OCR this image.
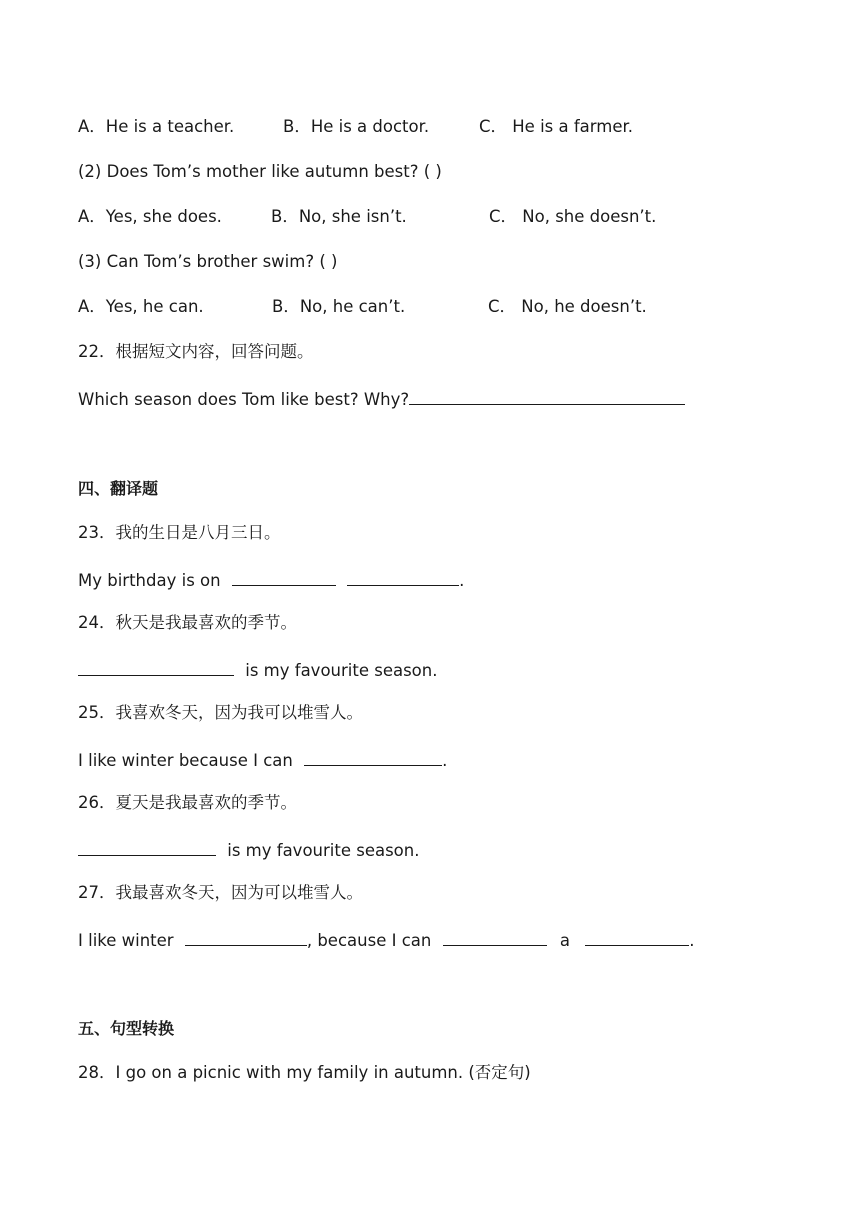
A．He is a teacher.	B．He is a doctor.	C． He is a farmer.
(2) Does Tom’s mother like autumn best? ( )
A．Yes, she does.	B．No, she isn’t.	C． No, she doesn’t.
(3) Can Tom’s brother swim? ( )
A．Yes, he can.	B．No, he can’t.	C． No, he doesn’t.
22．根据短文内容，回答问题。
Which season does Tom like best? Why?
四、翻译题
23．我的生日是八月三日。
My birthday is on	.
24．秋天是我最喜欢的季节。
is my favourite season.
25．我喜欢冬天，因为我可以堆雪人。
I like winter because I can	.
26．夏天是我最喜欢的季节。
is my favourite season.
27．我最喜欢冬天，因为可以堆雪人。
I like winter	, because I can	a	.
五、句型转换
28．I go on a picnic with my family in autumn. (否定句)
